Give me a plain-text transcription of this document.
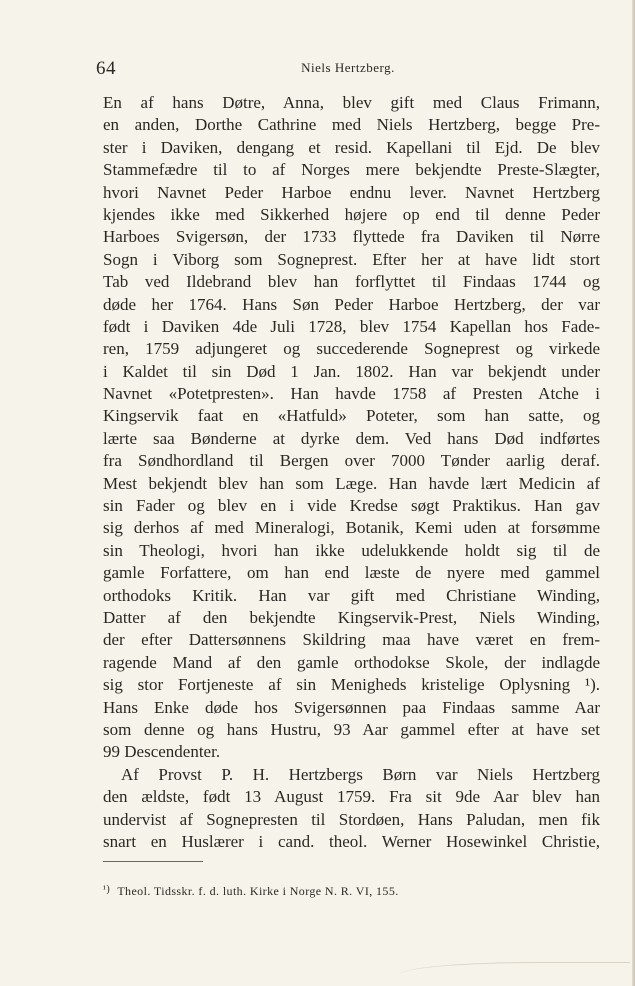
64	Niels Hertzberg.
En af hans Døtre, Anna, blev gift med Claus Frimann,
en anden, Dorthe Cathrine med Niels Hertzberg, begge Pre-
ster i Daviken, dengang et resid. Kapellani til Ejd. De blev
Stammefædre til to af Norges mere bekjendte Preste-Slægter,
hvori Navnet Peder Harboe endnu lever. Navnet Hertzberg
kjendes ikke med Sikkerhed højere op end til denne Peder
Harboes Svigersøn, der 1733 flyttede fra Daviken til Nørre
Sogn i Viborg som Sogneprest. Efter her at have lidt stort
Tab ved Ildebrand blev han forflyttet til Findaas 1744 og
døde her 1764. Hans Søn Peder Harboe Hertzberg, der var
født i Daviken 4de Juli 1728, blev 1754 Kapellan hos Fade-
ren, 1759 adjungeret og succederende Sogneprest og virkede
i Kaldet til sin Død 1 Jan. 1802. Han var bekjendt under
Navnet «Potetpresten». Han havde 1758 af Presten Atche i
Kingservik faat en «Hatfuld» Poteter, som han satte, og
lærte saa Bønderne at dyrke dem. Ved hans Død indførtes
fra Søndhordland til Bergen over 7000 Tønder aarlig deraf.
Mest bekjendt blev han som Læge. Han havde lært Medicin af
sin Fader og blev en i vide Kredse søgt Praktikus. Han gav
sig derhos af med Mineralogi, Botanik, Kemi uden at forsømme
sin Theologi, hvori han ikke udelukkende holdt sig til de
gamle Forfattere, om han end læste de nyere med gammel
orthodoks Kritik. Han var gift med Christiane Winding,
Datter af den bekjendte Kingservik-Prest, Niels Winding,
der efter Dattersønnens Skildring maa have været en frem-
ragende Mand af den gamle orthodokse Skole, der indlagde
sig stor Fortjeneste af sin Menigheds kristelige Oplysning ¹).
Hans Enke døde hos Svigersønnen paa Findaas samme Aar
som denne og hans Hustru, 93 Aar gammel efter at have set
99 Descendenter.
Af Provst P. H. Hertzbergs Børn var Niels Hertzberg
den ældste, født 13 August 1759. Fra sit 9de Aar blev han
undervist af Sognepresten til Stordøen, Hans Paludan, men fik
snart en Huslærer i cand. theol. Werner Hosewinkel Christie,
$^{^1)}$ Theol. Tidsskr. f. d. luth. Kirke i Norge N. R. VI, 155.
